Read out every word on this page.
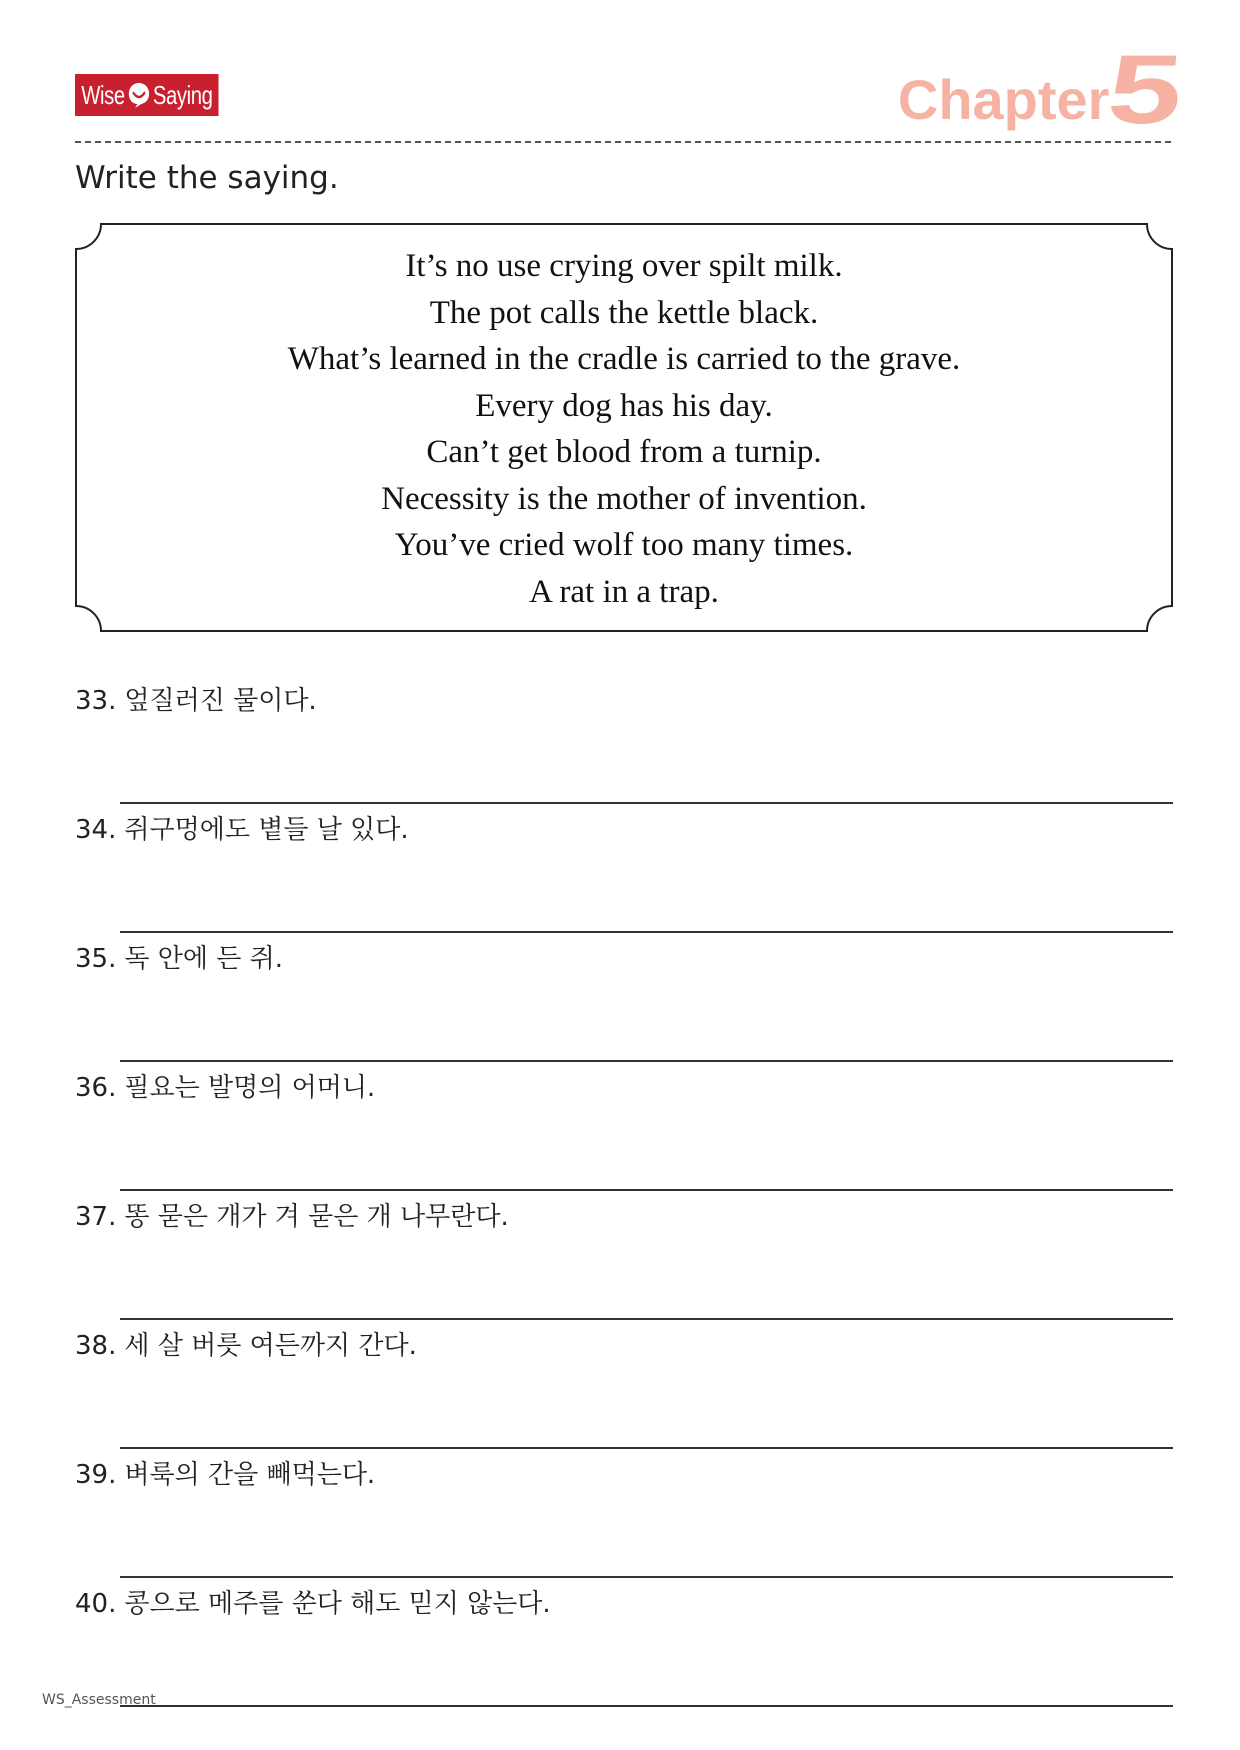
Wise Saying	Chapter
5
Write the saying.
It’s no use crying over spilt milk.
The pot calls the kettle black.
What’s learned in the cradle is carried to the grave.
Every dog has his day.
Can’t get blood from a turnip.
Necessity is the mother of invention.
You’ve cried wolf too many times.
A rat in a trap.
33. 엎질러진 물이다.
34. 쥐구멍에도 볕들 날 있다.
35. 독 안에 든 쥐.
36. 필요는 발명의 어머니.
37. 똥 묻은 개가 겨 묻은 개 나무란다.
38. 세 살 버릇 여든까지 간다.
39. 벼룩의 간을 빼먹는다.
40. 콩으로 메주를 쑨다 해도 믿지 않는다.
WS_Assessment
